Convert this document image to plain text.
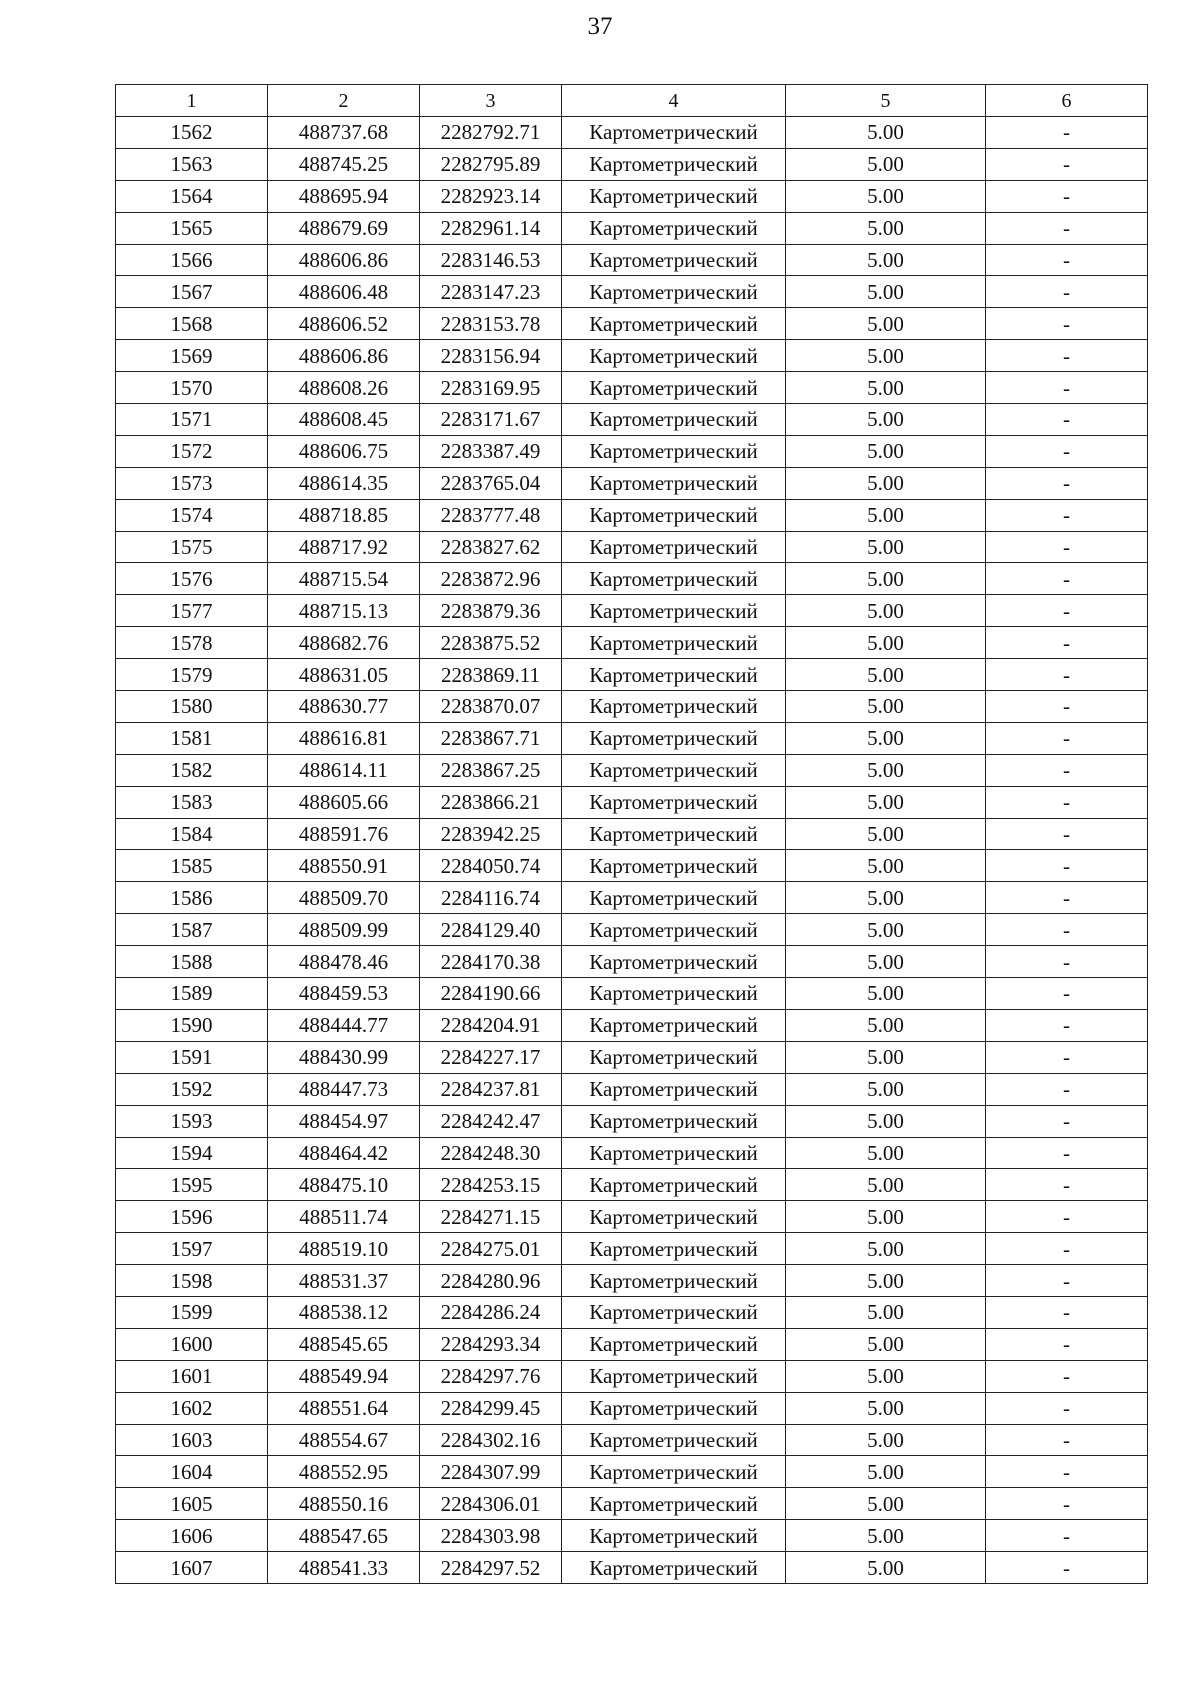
37
1	2	3	4	5	6
1562	488737.68	2282792.71	Картометрический	5.00	-
1563	488745.25	2282795.89	Картометрический	5.00	-
1564	488695.94	2282923.14	Картометрический	5.00	-
1565	488679.69	2282961.14	Картометрический	5.00	-
1566	488606.86	2283146.53	Картометрический	5.00	-
1567	488606.48	2283147.23	Картометрический	5.00	-
1568	488606.52	2283153.78	Картометрический	5.00	-
1569	488606.86	2283156.94	Картометрический	5.00	-
1570	488608.26	2283169.95	Картометрический	5.00	-
1571	488608.45	2283171.67	Картометрический	5.00	-
1572	488606.75	2283387.49	Картометрический	5.00	-
1573	488614.35	2283765.04	Картометрический	5.00	-
1574	488718.85	2283777.48	Картометрический	5.00	-
1575	488717.92	2283827.62	Картометрический	5.00	-
1576	488715.54	2283872.96	Картометрический	5.00	-
1577	488715.13	2283879.36	Картометрический	5.00	-
1578	488682.76	2283875.52	Картометрический	5.00	-
1579	488631.05	2283869.11	Картометрический	5.00	-
1580	488630.77	2283870.07	Картометрический	5.00	-
1581	488616.81	2283867.71	Картометрический	5.00	-
1582	488614.11	2283867.25	Картометрический	5.00	-
1583	488605.66	2283866.21	Картометрический	5.00	-
1584	488591.76	2283942.25	Картометрический	5.00	-
1585	488550.91	2284050.74	Картометрический	5.00	-
1586	488509.70	2284116.74	Картометрический	5.00	-
1587	488509.99	2284129.40	Картометрический	5.00	-
1588	488478.46	2284170.38	Картометрический	5.00	-
1589	488459.53	2284190.66	Картометрический	5.00	-
1590	488444.77	2284204.91	Картометрический	5.00	-
1591	488430.99	2284227.17	Картометрический	5.00	-
1592	488447.73	2284237.81	Картометрический	5.00	-
1593	488454.97	2284242.47	Картометрический	5.00	-
1594	488464.42	2284248.30	Картометрический	5.00	-
1595	488475.10	2284253.15	Картометрический	5.00	-
1596	488511.74	2284271.15	Картометрический	5.00	-
1597	488519.10	2284275.01	Картометрический	5.00	-
1598	488531.37	2284280.96	Картометрический	5.00	-
1599	488538.12	2284286.24	Картометрический	5.00	-
1600	488545.65	2284293.34	Картометрический	5.00	-
1601	488549.94	2284297.76	Картометрический	5.00	-
1602	488551.64	2284299.45	Картометрический	5.00	-
1603	488554.67	2284302.16	Картометрический	5.00	-
1604	488552.95	2284307.99	Картометрический	5.00	-
1605	488550.16	2284306.01	Картометрический	5.00	-
1606	488547.65	2284303.98	Картометрический	5.00	-
1607	488541.33	2284297.52	Картометрический	5.00	-
